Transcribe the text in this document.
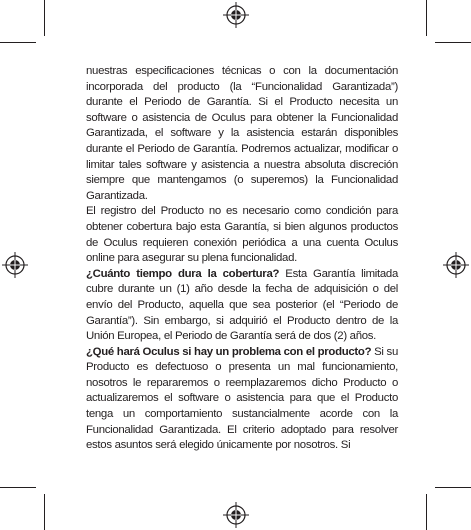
nuestras especificaciones técnicas o con la documentación incorporada del producto (la “Funcionalidad Garantizada”) durante el Periodo de Garantía. Si el Producto necesita un software o asistencia de Oculus para obtener la Funcionalidad Garantizada, el software y la asistencia estarán disponibles durante el Periodo de Garantía. Podremos actualizar, modificar o limitar tales software y asistencia a nuestra absoluta discreción siempre que mantengamos (o superemos) la Funcionalidad Garantizada.

El registro del Producto no es necesario como condición para obtener cobertura bajo esta Garantía, si bien algunos productos de Oculus requieren conexión periódica a una cuenta Oculus online para asegurar su plena funcionalidad.

¿Cuánto tiempo dura la cobertura? Esta Garantía limitada cubre durante un (1) año desde la fecha de adquisición o del envío del Producto, aquella que sea posterior (el “Periodo de Garantía”). Sin embargo, si adquirió el Producto dentro de la Unión Europea, el Periodo de Garantía será de dos (2) años.

¿Qué hará Oculus si hay un problema con el producto? Si su Producto es defectuoso o presenta un mal funcionamiento, nosotros le repararemos o reemplazaremos dicho Producto o actualizaremos el software o asistencia para que el Producto tenga un comportamiento sustancialmente acorde con la Funcionalidad Garantizada. El criterio adoptado para resolver estos asuntos será elegido únicamente por nosotros. Si
